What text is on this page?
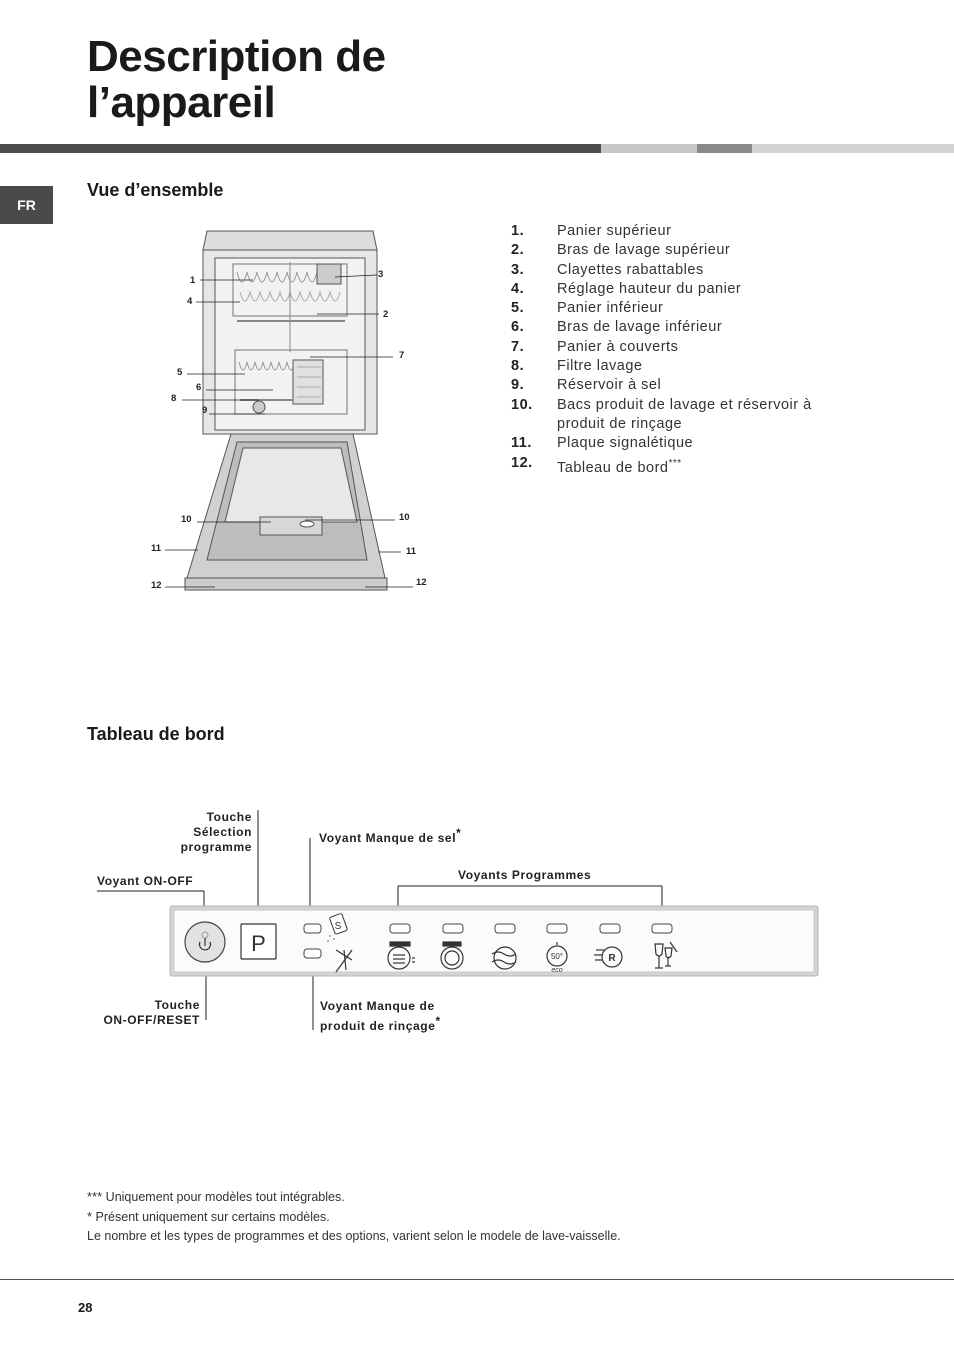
Description de
l’appareil
FR
Vue d’ensemble
1
2
3
4
5
6
7
8
9
10	10
11	11
12	12
1.	Panier supérieur
2.	Bras de lavage supérieur
3.	Clayettes rabattables
4.	Réglage hauteur du panier
5.	Panier inférieur
6.	Bras de lavage inférieur
7.	Panier à couverts
8.	Filtre lavage
9.	Réservoir à sel
10.	Bacs produit de lavage et réservoir à produit de rinçage
11.	Plaque signalétique
12.	Tableau de bord***
Tableau de bord
Touche
Sélection
programme
Voyant ON-OFF
Touche
ON-OFF/RESET
Voyant Manque de sel*
Voyants Programmes
Voyant Manque de
produit de rinçage*
P
S
50°
eco
R
*** Uniquement pour modèles tout intégrables.
* Présent uniquement sur certains modèles.
Le nombre et les types de programmes et des options, varient selon le modele de lave-vaisselle.
28
